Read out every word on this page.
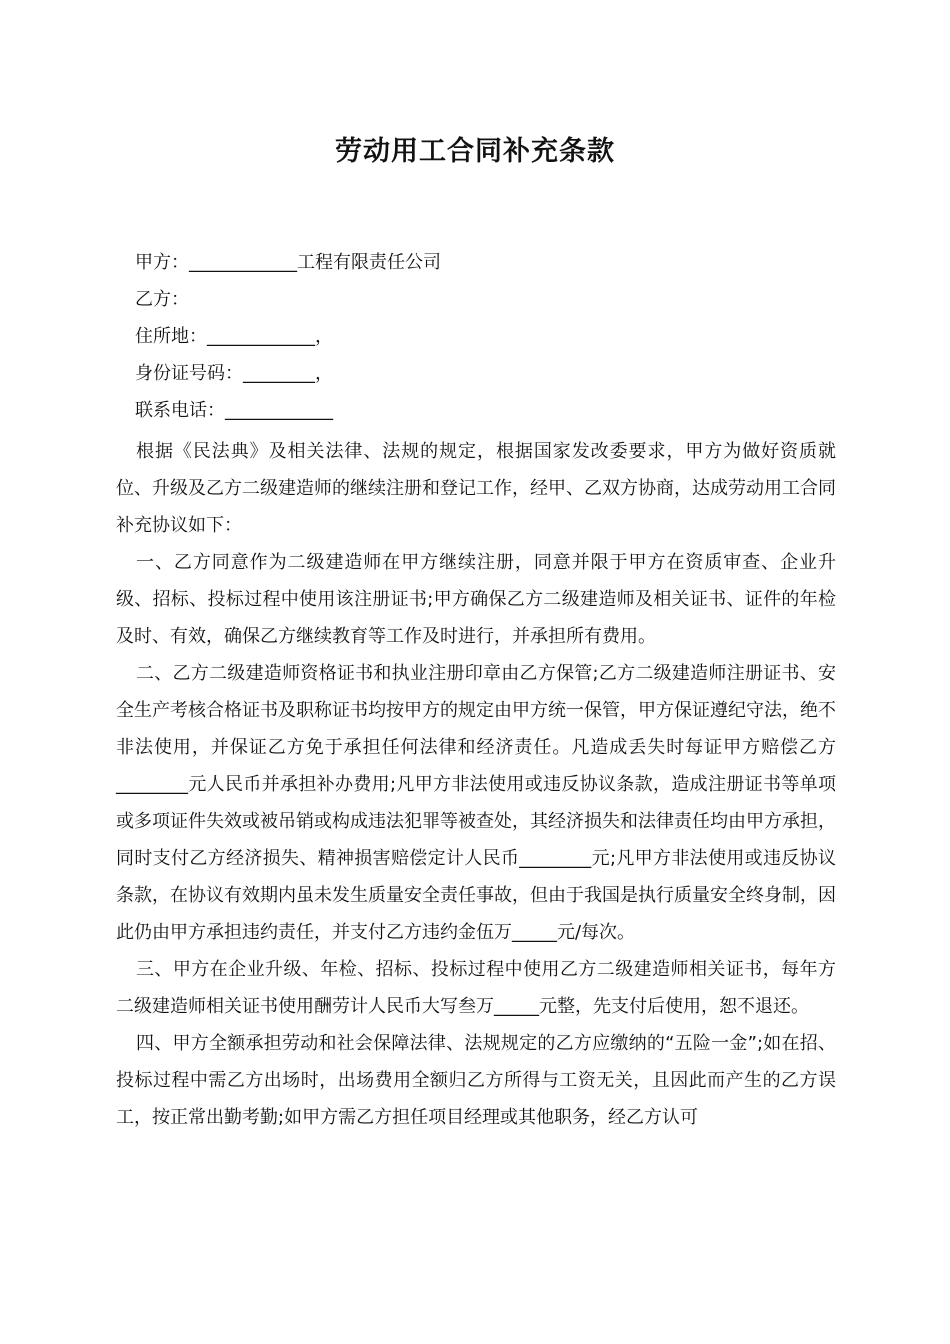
劳动用工合同补充条款
甲方：____________工程有限责任公司
乙方：
住所地：____________，
身份证号码：________，
联系电话：____________

根据《民法典》及相关法律、法规的规定，根据国家发改委要求，甲方为做好资质就位、升级及乙方二级建造师的继续注册和登记工作，经甲、乙双方协商，达成劳动用工合同补充协议如下：

一、乙方同意作为二级建造师在甲方继续注册，同意并限于甲方在资质审查、企业升级、招标、投标过程中使用该注册证书;甲方确保乙方二级建造师及相关证书、证件的年检及时、有效，确保乙方继续教育等工作及时进行，并承担所有费用。

二、乙方二级建造师资格证书和执业注册印章由乙方保管;乙方二级建造师注册证书、安全生产考核合格证书及职称证书均按甲方的规定由甲方统一保管，甲方保证遵纪守法，绝不非法使用，并保证乙方免于承担任何法律和经济责任。凡造成丢失时每证甲方赔偿乙方________元人民币并承担补办费用;凡甲方非法使用或违反协议条款，造成注册证书等单项或多项证件失效或被吊销或构成违法犯罪等被查处，其经济损失和法律责任均由甲方承担，同时支付乙方经济损失、精神损害赔偿定计人民币________元;凡甲方非法使用或违反协议条款，在协议有效期内虽未发生质量安全责任事故，但由于我国是执行质量安全终身制，因此仍由甲方承担违约责任，并支付乙方违约金伍万_____元/每次。

三、甲方在企业升级、年检、招标、投标过程中使用乙方二级建造师相关证书，每年方二级建造师相关证书使用酬劳计人民币大写叁万_____元整，先支付后使用，恕不退还。

四、甲方全额承担劳动和社会保障法律、法规规定的乙方应缴纳的“五险一金”;如在招、投标过程中需乙方出场时，出场费用全额归乙方所得与工资无关，且因此而产生的乙方误工，按正常出勤考勤;如甲方需乙方担任项目经理或其他职务，经乙方认可
